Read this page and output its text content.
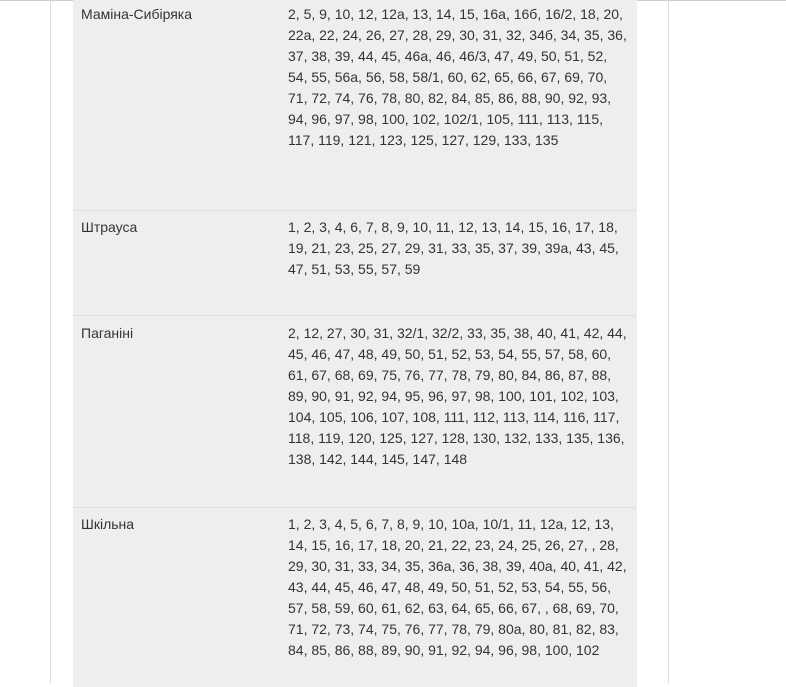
Маміна-Сибіряка	2, 5, 9, 10, 12, 12а, 13, 14, 15, 16а, 16б, 16/2, 18, 20, 22а, 22, 24, 26, 27, 28, 29, 30, 31, 32, 34б, 34, 35, 36, 37, 38, 39, 44, 45, 46а, 46, 46/3, 47, 49, 50, 51, 52, 54, 55, 56а, 56, 58, 58/1, 60, 62, 65, 66, 67, 69, 70, 71, 72, 74, 76, 78, 80, 82, 84, 85, 86, 88, 90, 92, 93, 94, 96, 97, 98, 100, 102, 102/1, 105, 111, 113, 115, 117, 119, 121, 123, 125, 127, 129, 133, 135
Штрауса	1, 2, 3, 4, 6, 7, 8, 9, 10, 11, 12, 13, 14, 15, 16, 17, 18, 19, 21, 23, 25, 27, 29, 31, 33, 35, 37, 39, 39а, 43, 45, 47, 51, 53, 55, 57, 59
Паганіні	2, 12, 27, 30, 31, 32/1, 32/2, 33, 35, 38, 40, 41, 42, 44, 45, 46, 47, 48, 49, 50, 51, 52, 53, 54, 55, 57, 58, 60, 61, 67, 68, 69, 75, 76, 77, 78, 79, 80, 84, 86, 87, 88, 89, 90, 91, 92, 94, 95, 96, 97, 98, 100, 101, 102, 103, 104, 105, 106, 107, 108, 111, 112, 113, 114, 116, 117, 118, 119, 120, 125, 127, 128, 130, 132, 133, 135, 136, 138, 142, 144, 145, 147, 148
Шкільна	1, 2, 3, 4, 5, 6, 7, 8, 9, 10, 10а, 10/1, 11, 12а, 12, 13, 14, 15, 16, 17, 18, 20, 21, 22, 23, 24, 25, 26, 27, , 28, 29, 30, 31, 33, 34, 35, 36а, 36, 38, 39, 40а, 40, 41, 42, 43, 44, 45, 46, 47, 48, 49, 50, 51, 52, 53, 54, 55, 56, 57, 58, 59, 60, 61, 62, 63, 64, 65, 66, 67, , 68, 69, 70, 71, 72, 73, 74, 75, 76, 77, 78, 79, 80а, 80, 81, 82, 83, 84, 85, 86, 88, 89, 90, 91, 92, 94, 96, 98, 100, 102
